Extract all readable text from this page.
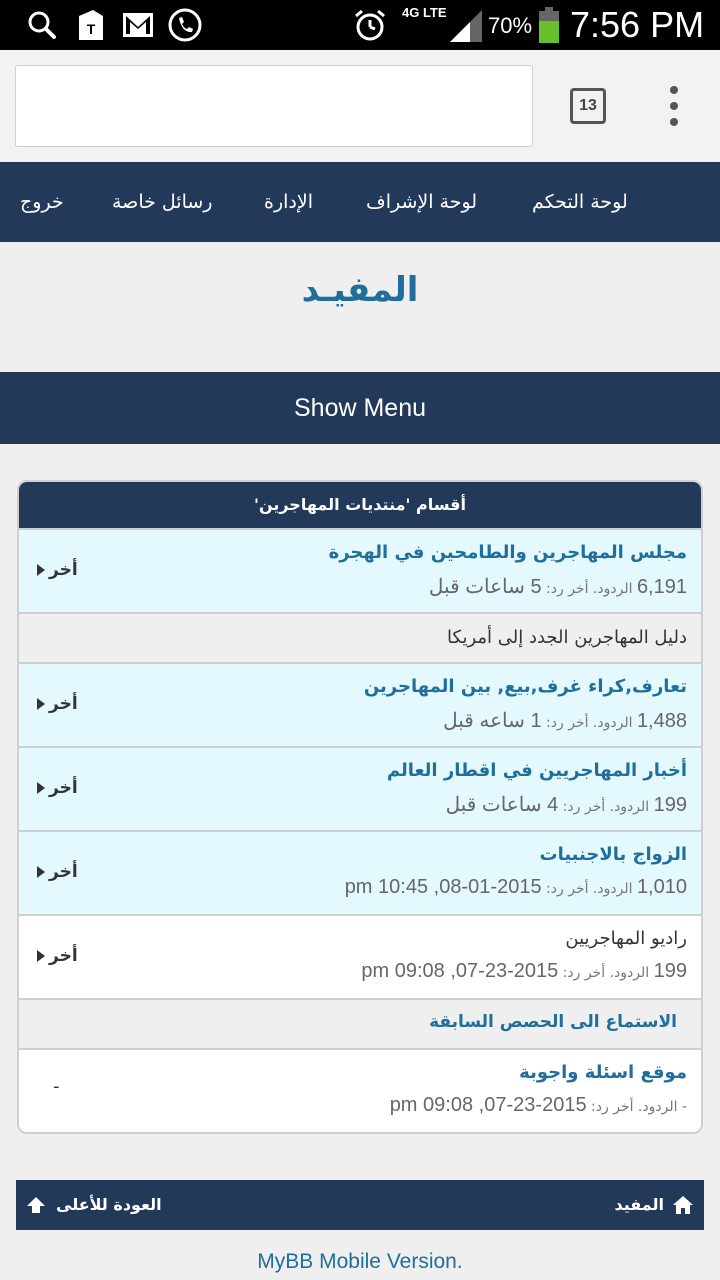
T
4G LTE
70% 7:56 PM
13
لوحة التحكم
لوحة الإشراف
الإدارة
رسائل خاصة
خروج
المفيـد
Show Menu
أقسام 'منتديات المهاجرين'
مجلس المهاجرين والطامحين في الهجرة
6,191 الردود. أخر رد: 5 ساعات قبل
أخر
دليل المهاجرين الجدد إلى أمريكا
تعارف,كراء غرف,بيع, بين المهاجرين
1,488 الردود. أخر رد: 1 ساعه قبل
أخر
أخبار المهاجريين في اقطار العالم
199 الردود. أخر رد: 4 ساعات قبل
أخر
الزواج بالاجنبيات
1,010 الردود. أخر رد: 2015-01-08, 10:45 pm
أخر
راديو المهاجريين
199 الردود. أخر رد: 2015-23-07, 09:08 pm
أخر
الاستماع الى الحصص السابقة
موقع اسئلة واجوبة
- الردود. أخر رد: 2015-23-07, 09:08 pm
-
العودة للأعلى	المفيد
MyBB Mobile Version.
